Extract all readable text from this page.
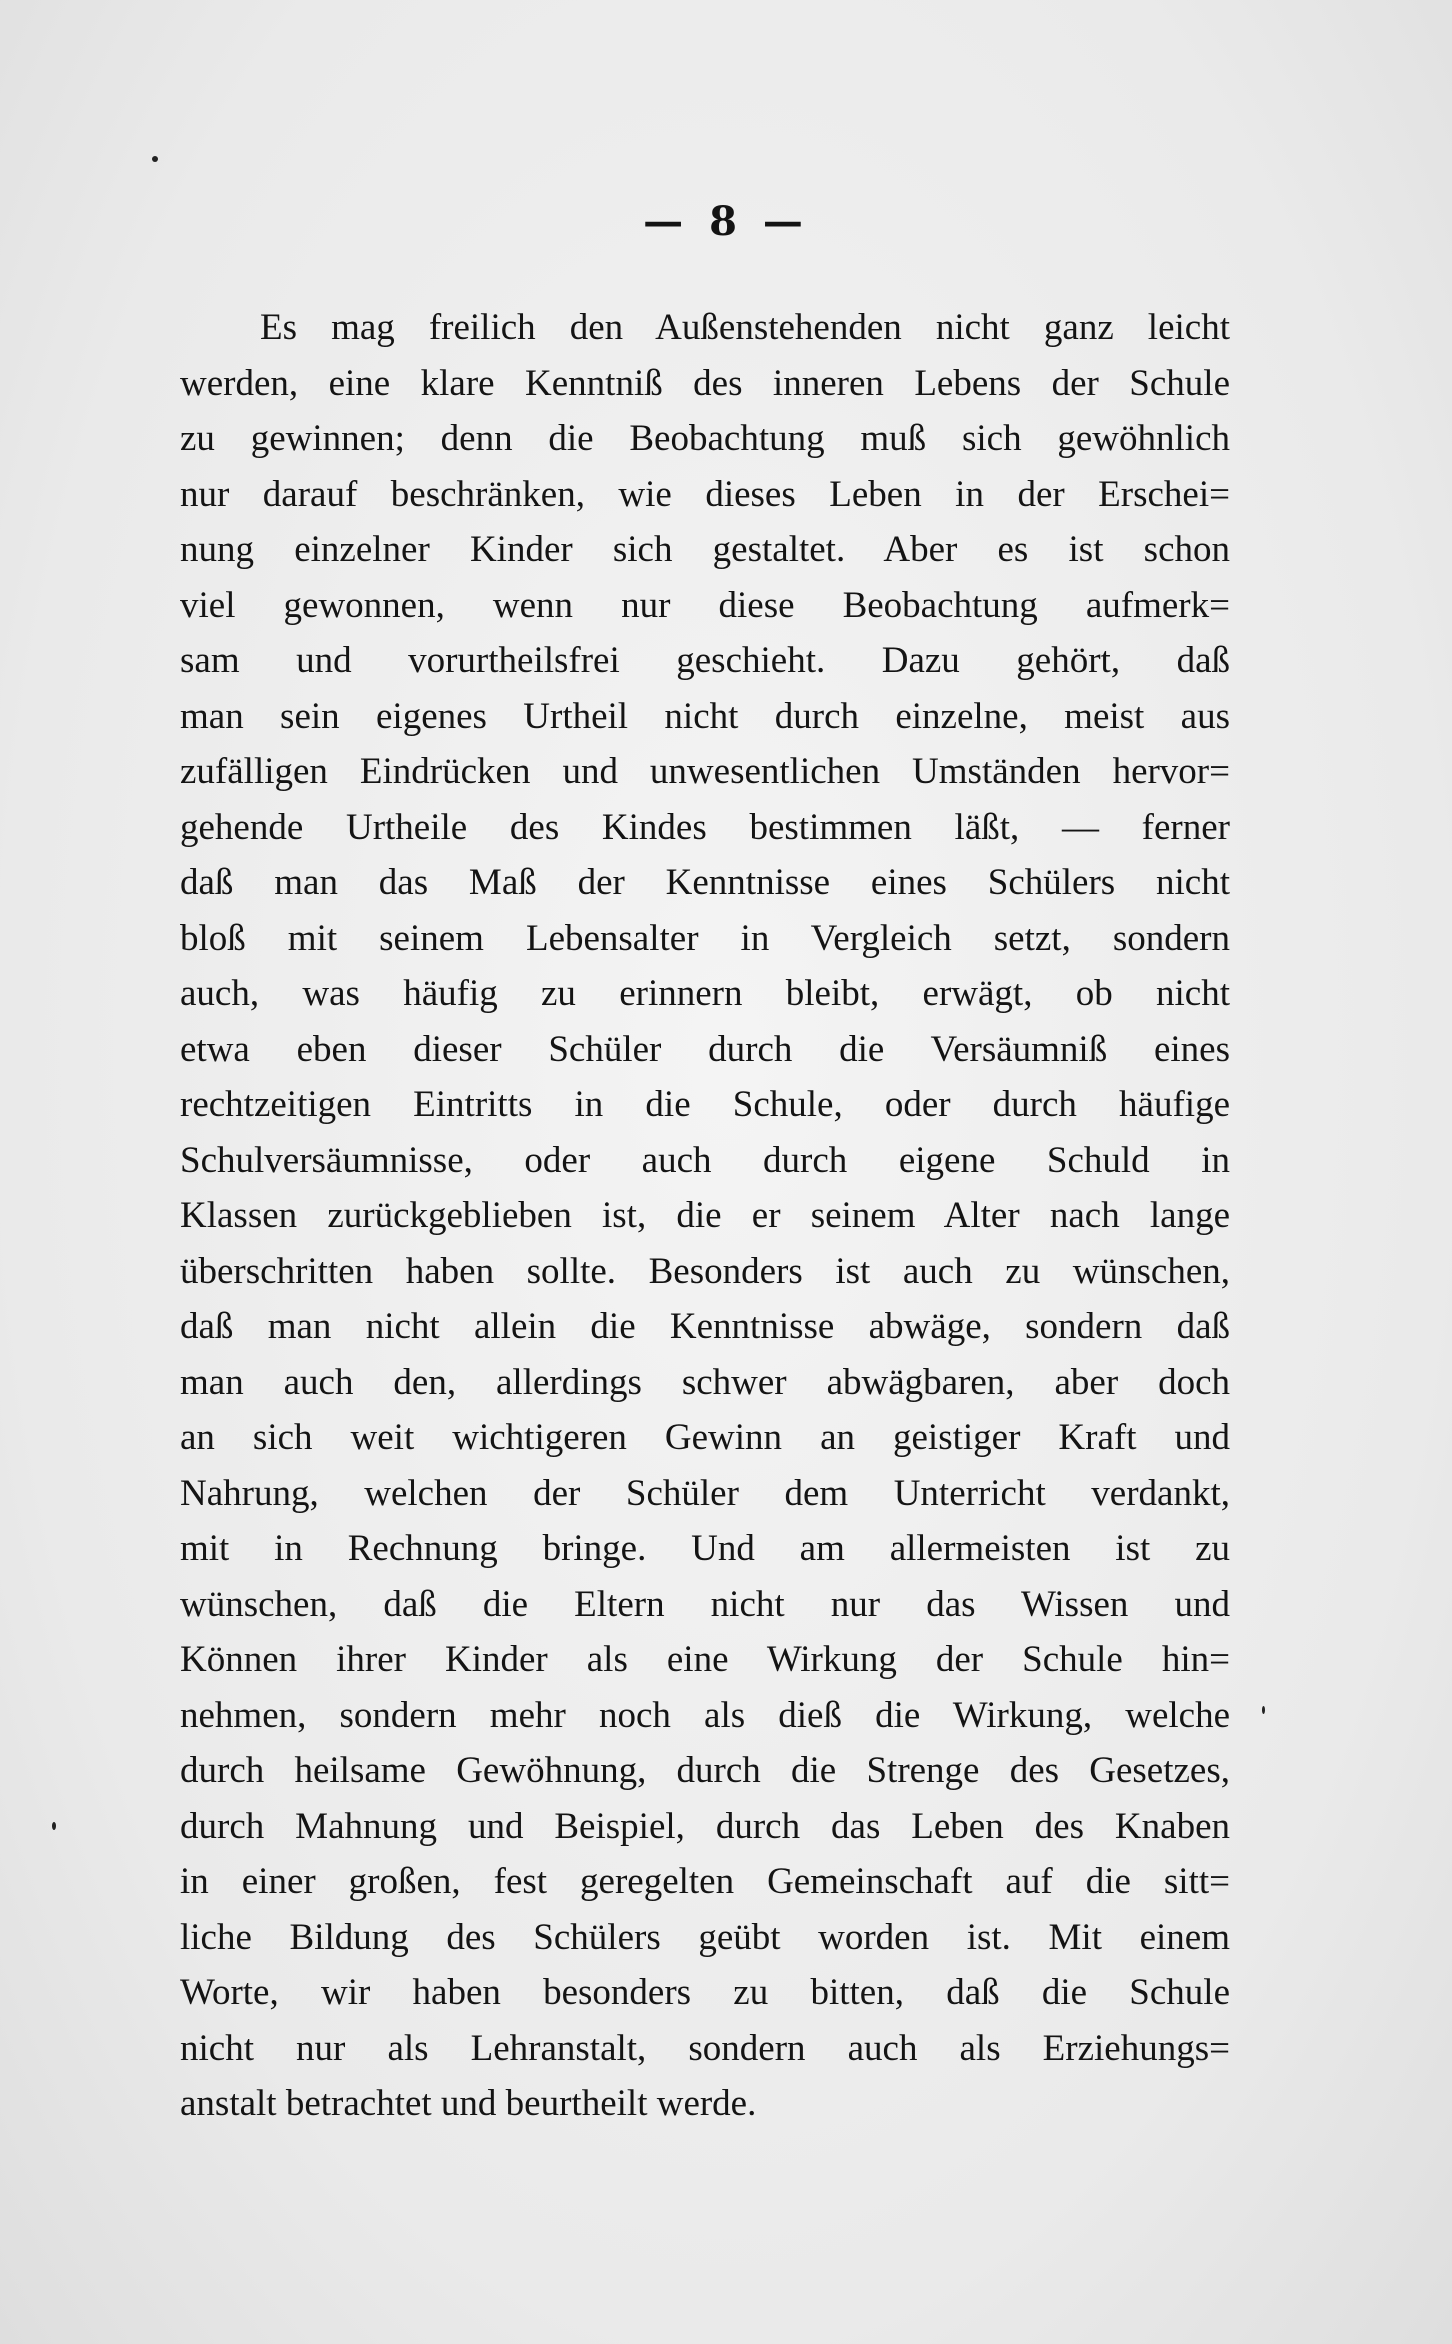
— 8 —
Es mag freilich den Außenstehenden nicht ganz leicht
werden, eine klare Kenntniß des inneren Lebens der Schule
zu gewinnen; denn die Beobachtung muß sich gewöhnlich
nur darauf beschränken, wie dieses Leben in der Erschei=
nung einzelner Kinder sich gestaltet. Aber es ist schon
viel gewonnen, wenn nur diese Beobachtung aufmerk=
sam und vorurtheilsfrei geschieht. Dazu gehört, daß
man sein eigenes Urtheil nicht durch einzelne, meist aus
zufälligen Eindrücken und unwesentlichen Umständen hervor=
gehende Urtheile des Kindes bestimmen läßt, — ferner
daß man das Maß der Kenntnisse eines Schülers nicht
bloß mit seinem Lebensalter in Vergleich setzt, sondern
auch, was häufig zu erinnern bleibt, erwägt, ob nicht
etwa eben dieser Schüler durch die Versäumniß eines
rechtzeitigen Eintritts in die Schule, oder durch häufige
Schulversäumnisse, oder auch durch eigene Schuld in
Klassen zurückgeblieben ist, die er seinem Alter nach lange
überschritten haben sollte. Besonders ist auch zu wünschen,
daß man nicht allein die Kenntnisse abwäge, sondern daß
man auch den, allerdings schwer abwägbaren, aber doch
an sich weit wichtigeren Gewinn an geistiger Kraft und
Nahrung, welchen der Schüler dem Unterricht verdankt,
mit in Rechnung bringe. Und am allermeisten ist zu
wünschen, daß die Eltern nicht nur das Wissen und
Können ihrer Kinder als eine Wirkung der Schule hin=
nehmen, sondern mehr noch als dieß die Wirkung, welche
durch heilsame Gewöhnung, durch die Strenge des Gesetzes,
durch Mahnung und Beispiel, durch das Leben des Knaben
in einer großen, fest geregelten Gemeinschaft auf die sitt=
liche Bildung des Schülers geübt worden ist. Mit einem
Worte, wir haben besonders zu bitten, daß die Schule
nicht nur als Lehranstalt, sondern auch als Erziehungs=
anstalt betrachtet und beurtheilt werde.
